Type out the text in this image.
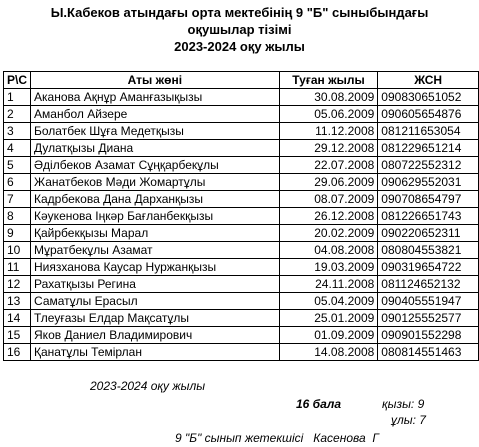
Ы.Кабеков атындағы орта мектебінің 9 "Б" сыныбындағы
оқушылар тізімі
2023-2024 оқу жылы
Р\С	Аты жөні	Туған жылы	ЖСН
1	Аканова Ақнұр Аманғазықызы	30.08.2009	090830651052
2	Аманбол Айзере	05.06.2009	090605654876
3	Болатбек Шұға Медетқызы	11.12.2008	081211653054
4	Дулатқызы Диана	29.12.2008	081229651214
5	Әділбеков Азамат Сұңқарбекұлы	22.07.2008	080722552312
6	Жанатбеков Мәди Жомартұлы	29.06.2009	090629552031
7	Кадрбекова Дана Дарханқызы	08.07.2009	090708654797
8	Кәукенова Іңкәр Бағланбекқызы	26.12.2008	081226651743
9	Қайрбекқызы Марал	20.02.2009	090220652311
10	Мұратбекұлы Азамат	04.08.2008	080804553821
11	Ниязханова Каусар Нуржанқызы	19.03.2009	090319654722
12	Рахатқызы Регина	24.11.2008	081124652132
13	Саматұлы Ерасыл	05.04.2009	090405551947
14	Тлеуғазы Елдар Мақсатұлы	25.01.2009	090125552577
15	Яков Даниел Владимирович	01.09.2009	090901552298
16	Қанатұлы Темірлан	14.08.2008	080814551463
2023-2024 оқу жылы
16 бала	қызы: 9
ұлы: 7
9 "Б" сынып жетекшісі   Касенова  Г
